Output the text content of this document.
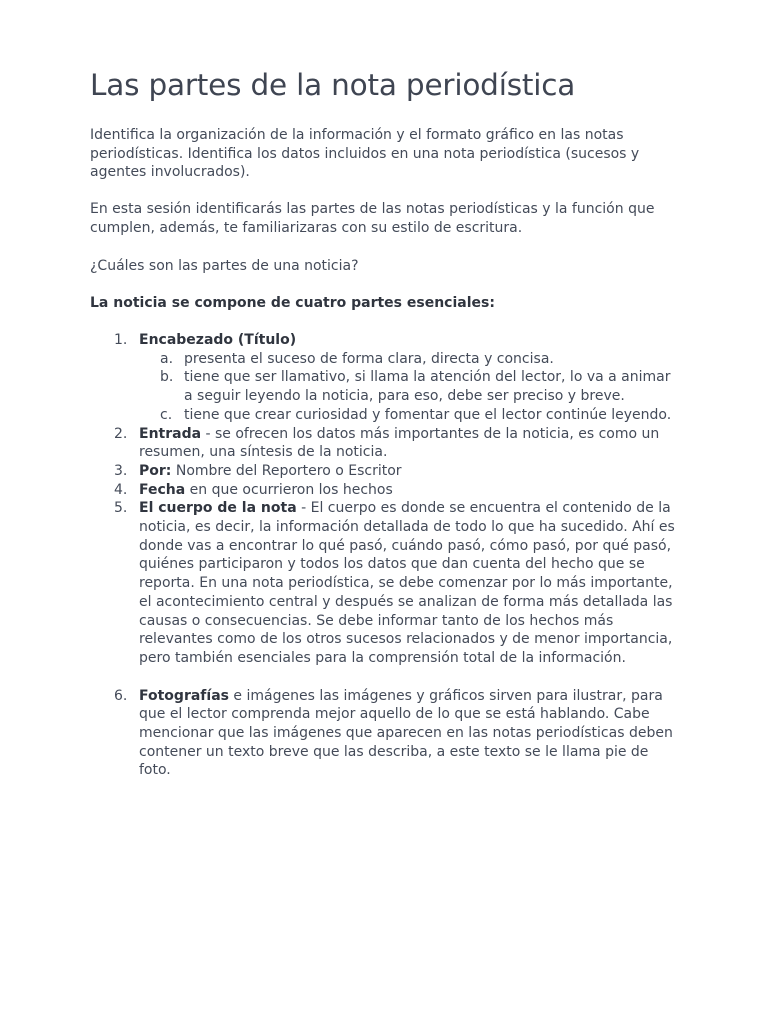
Las partes de la nota periodística

Identifica la organización de la información y el formato gráfico en las notas periodísticas. Identifica los datos incluidos en una nota periodística (sucesos y agentes involucrados).

En esta sesión identificarás las partes de las notas periodísticas y la función que cumplen, además, te familiarizaras con su estilo de escritura.

¿Cuáles son las partes de una noticia?

La noticia se compone de cuatro partes esenciales:

1. Encabezado (Título)
a. presenta el suceso de forma clara, directa y concisa.
b. tiene que ser llamativo, si llama la atención del lector, lo va a animar a seguir leyendo la noticia, para eso, debe ser preciso y breve.
c. tiene que crear curiosidad y fomentar que el lector continúe leyendo.
2. Entrada - se ofrecen los datos más importantes de la noticia, es como un resumen, una síntesis de la noticia.
3. Por: Nombre del Reportero o Escritor
4. Fecha en que ocurrieron los hechos
5. El cuerpo de la nota - El cuerpo es donde se encuentra el contenido de la noticia, es decir, la información detallada de todo lo que ha sucedido. Ahí es donde vas a encontrar lo qué pasó, cuándo pasó, cómo pasó, por qué pasó, quiénes participaron y todos los datos que dan cuenta del hecho que se reporta. En una nota periodística, se debe comenzar por lo más importante, el acontecimiento central y después se analizan de forma más detallada las causas o consecuencias. Se debe informar tanto de los hechos más relevantes como de los otros sucesos relacionados y de menor importancia, pero también esenciales para la comprensión total de la información.
6. Fotografías e imágenes las imágenes y gráficos sirven para ilustrar, para que el lector comprenda mejor aquello de lo que se está hablando. Cabe mencionar que las imágenes que aparecen en las notas periodísticas deben contener un texto breve que las describa, a este texto se le llama pie de foto.
